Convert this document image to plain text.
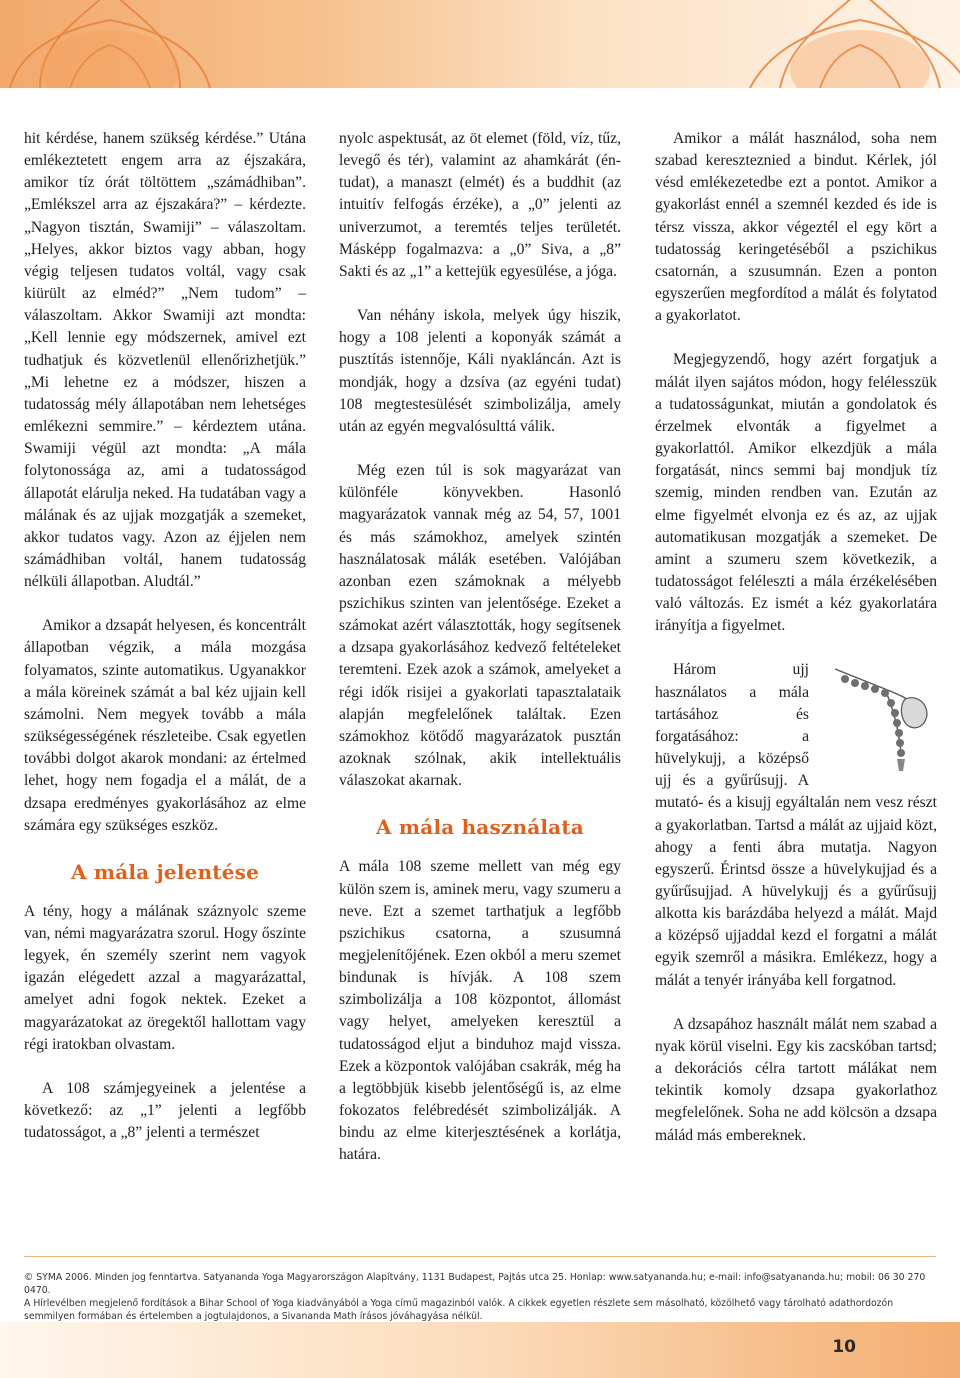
hit kérdése, hanem szükség kérdése.” Utána emlékeztetett engem arra az éjszakára, amikor tíz órát töltöttem „számádhiban”. „Emlékszel arra az éjszakára?” – kérdezte. „Nagyon tisztán, Swamiji” – válaszoltam. „Helyes, akkor biztos vagy abban, hogy végig teljesen tudatos voltál, vagy csak kiürült az elméd?” „Nem tudom” – válaszoltam. Akkor Swamiji azt mondta: „Kell lennie egy módszernek, amivel ezt tudhatjuk és közvetlenül ellenőrizhetjük.” „Mi lehetne ez a módszer, hiszen a tudatosság mély állapotában nem lehetséges emlékezni semmire.” – kérdeztem utána. Swamiji végül azt mondta: „A mála folytonossága az, ami a tudatosságod állapotát elárulja neked. Ha tudatában vagy a málának és az ujjak mozgatják a szemeket, akkor tudatos vagy. Azon az éjjelen nem számádhiban voltál, hanem tudatosság nélküli állapotban. Aludtál.”

Amikor a dzsapát helyesen, és koncentrált állapotban végzik, a mála mozgása folyamatos, szinte automatikus. Ugyanakkor a mála köreinek számát a bal kéz ujjain kell számolni. Nem megyek tovább a mála szükségességének részleteibe. Csak egyetlen további dolgot akarok mondani: az értelmed lehet, hogy nem fogadja el a málát, de a dzsapa eredményes gyakorlásához az elme számára egy szükséges eszköz.

A mála jelentése

A tény, hogy a málának száznyolc szeme van, némi magyarázatra szorul. Hogy őszinte legyek, én személy szerint nem vagyok igazán elégedett azzal a magyarázattal, amelyet adni fogok nektek. Ezeket a magyarázatokat az öregektől hallottam vagy régi iratokban olvastam.

A 108 számjegyeinek a jelentése a következő: az „1” jelenti a legfőbb tudatosságot, a „8” jelenti a természet

nyolc aspektusát, az öt elemet (föld, víz, tűz, levegő és tér), valamint az ahamkárát (én-tudat), a manaszt (elmét) és a buddhit (az intuitív felfogás érzéke), a „0” jelenti az univerzumot, a teremtés teljes területét. Másképp fogalmazva: a „0” Siva, a „8” Sakti és az „1” a kettejük egyesülése, a jóga.

Van néhány iskola, melyek úgy hiszik, hogy a 108 jelenti a koponyák számát a pusztítás istennője, Káli nyakláncán. Azt is mondják, hogy a dzsíva (az egyéni tudat) 108 megtestesülését szimbolizálja, amely után az egyén megvalósulttá válik.

Még ezen túl is sok magyarázat van különféle könyvekben. Hasonló magyarázatok vannak még az 54, 57, 1001 és más számokhoz, amelyek szintén használatosak málák esetében. Valójában azonban ezen számoknak a mélyebb pszichikus szinten van jelentősége. Ezeket a számokat azért választották, hogy segítsenek a dzsapa gyakorlásához kedvező feltételeket teremteni. Ezek azok a számok, amelyeket a régi idők risijei a gyakorlati tapasztalataik alapján megfelelőnek találtak. Ezen számokhoz kötődő magyarázatok pusztán azoknak szólnak, akik intellektuális válaszokat akarnak.

A mála használata

A mála 108 szeme mellett van még egy külön szem is, aminek meru, vagy szumeru a neve. Ezt a szemet tarthatjuk a legfőbb pszichikus csatorna, a szusumná megjelenítőjének. Ezen okból a meru szemet bindunak is hívják. A 108 szem szimbolizálja a 108 központot, állomást vagy helyet, amelyeken keresztül a tudatosságod eljut a binduhoz majd vissza. Ezek a központok valójában csakrák, még ha a legtöbbjük kisebb jelentőségű is, az elme fokozatos felébredését szimbolizálják. A bindu az elme kiterjesztésének a korlátja, határa.

Amikor a málát használod, soha nem szabad kereszteznied a bindut. Kérlek, jól vésd emlékezetedbe ezt a pontot. Amikor a gyakorlást ennél a szemnél kezded és ide is térsz vissza, akkor végeztél el egy kört a tudatosság keringetéséből a pszichikus csatornán, a szusumnán. Ezen a ponton egyszerűen megfordítod a málát és folytatod a gyakorlatot.

Megjegyzendő, hogy azért forgatjuk a málát ilyen sajátos módon, hogy felélesszük a tudatosságunkat, miután a gondolatok és érzelmek elvonták a figyelmet a gyakorlattól. Amikor elkezdjük a mála forgatását, nincs semmi baj mondjuk tíz szemig, minden rendben van. Ezután az elme figyelmét elvonja ez és az, az ujjak automatikusan mozgatják a szemeket. De amint a szumeru szem következik, a tudatosságot feléleszti a mála érzékelésében való változás. Ez ismét a kéz gyakorlatára irányítja a figyelmet.

Három ujj használatos a mála tartásához és forgatásához: a hüvelykujj, a középső ujj és a gyűrűsujj. A mutató- és a kisujj egyáltalán nem vesz részt a gyakorlatban. Tartsd a málát az ujjaid közt, ahogy a fenti ábra mutatja. Nagyon egyszerű. Érintsd össze a hüvelykujjad és a gyűrűsujjad. A hüvelykujj és a gyűrűsujj alkotta kis barázdába helyezd a málát. Majd a középső ujjaddal kezd el forgatni a málát egyik szemről a másikra. Emlékezz, hogy a málát a tenyér irányába kell forgatnod.

A dzsapához használt málát nem szabad a nyak körül viselni. Egy kis zacskóban tartsd; a dekorációs célra tartott málákat nem tekintik komoly dzsapa gyakorlathoz megfelelőnek. Soha ne add kölcsön a dzsapa málád más embereknek.

© SYMA 2006. Minden jog fenntartva. Satyananda Yoga Magyarországon Alapítvány, 1131 Budapest, Pajtás utca 25. Honlap: www.satyananda.hu; e-mail: info@satyananda.hu; mobil: 06 30 270 0470.
A Hírlevélben megjelenő fordítások a Bihar School of Yoga kiadványából a Yoga című magazinból valók. A cikkek egyetlen részlete sem másolható, közölhető vagy tárolható adathordozón semmilyen formában és értelemben a jogtulajdonos, a Sivananda Math írásos jóváhagyása nélkül.
10
